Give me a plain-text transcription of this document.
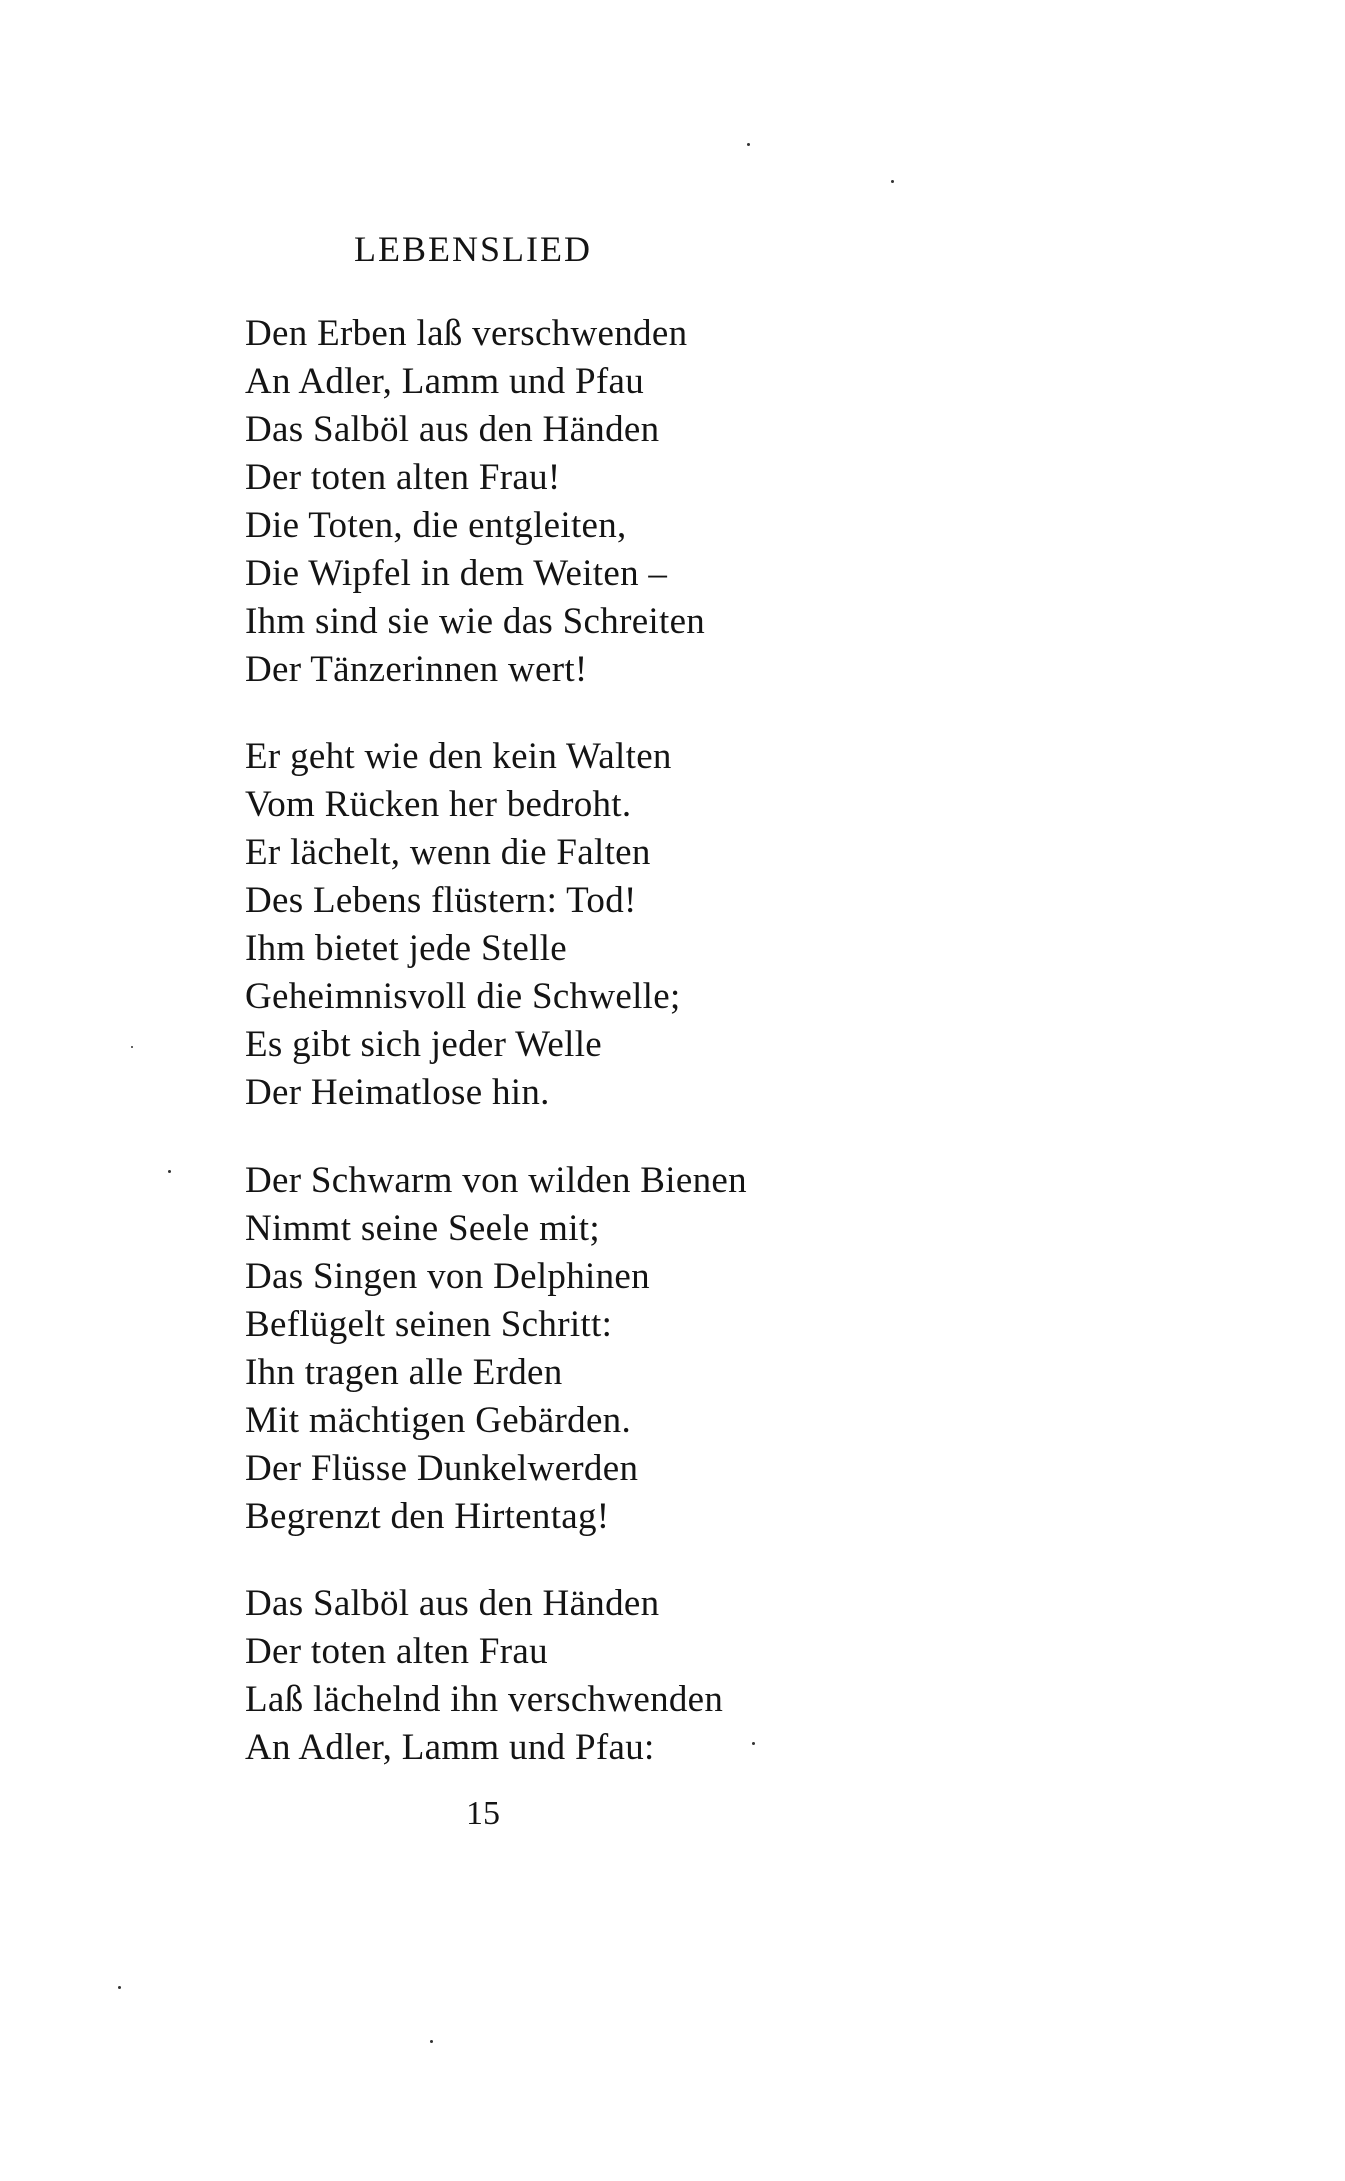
LEBENSLIED
Den Erben laß verschwenden
An Adler, Lamm und Pfau
Das Salböl aus den Händen
Der toten alten Frau!
Die Toten, die entgleiten,
Die Wipfel in dem Weiten –
Ihm sind sie wie das Schreiten
Der Tänzerinnen wert!
Er geht wie den kein Walten
Vom Rücken her bedroht.
Er lächelt, wenn die Falten
Des Lebens flüstern: Tod!
Ihm bietet jede Stelle
Geheimnisvoll die Schwelle;
Es gibt sich jeder Welle
Der Heimatlose hin.
Der Schwarm von wilden Bienen
Nimmt seine Seele mit;
Das Singen von Delphinen
Beflügelt seinen Schritt:
Ihn tragen alle Erden
Mit mächtigen Gebärden.
Der Flüsse Dunkelwerden
Begrenzt den Hirtentag!
Das Salböl aus den Händen
Der toten alten Frau
Laß lächelnd ihn verschwenden
An Adler, Lamm und Pfau:
15
